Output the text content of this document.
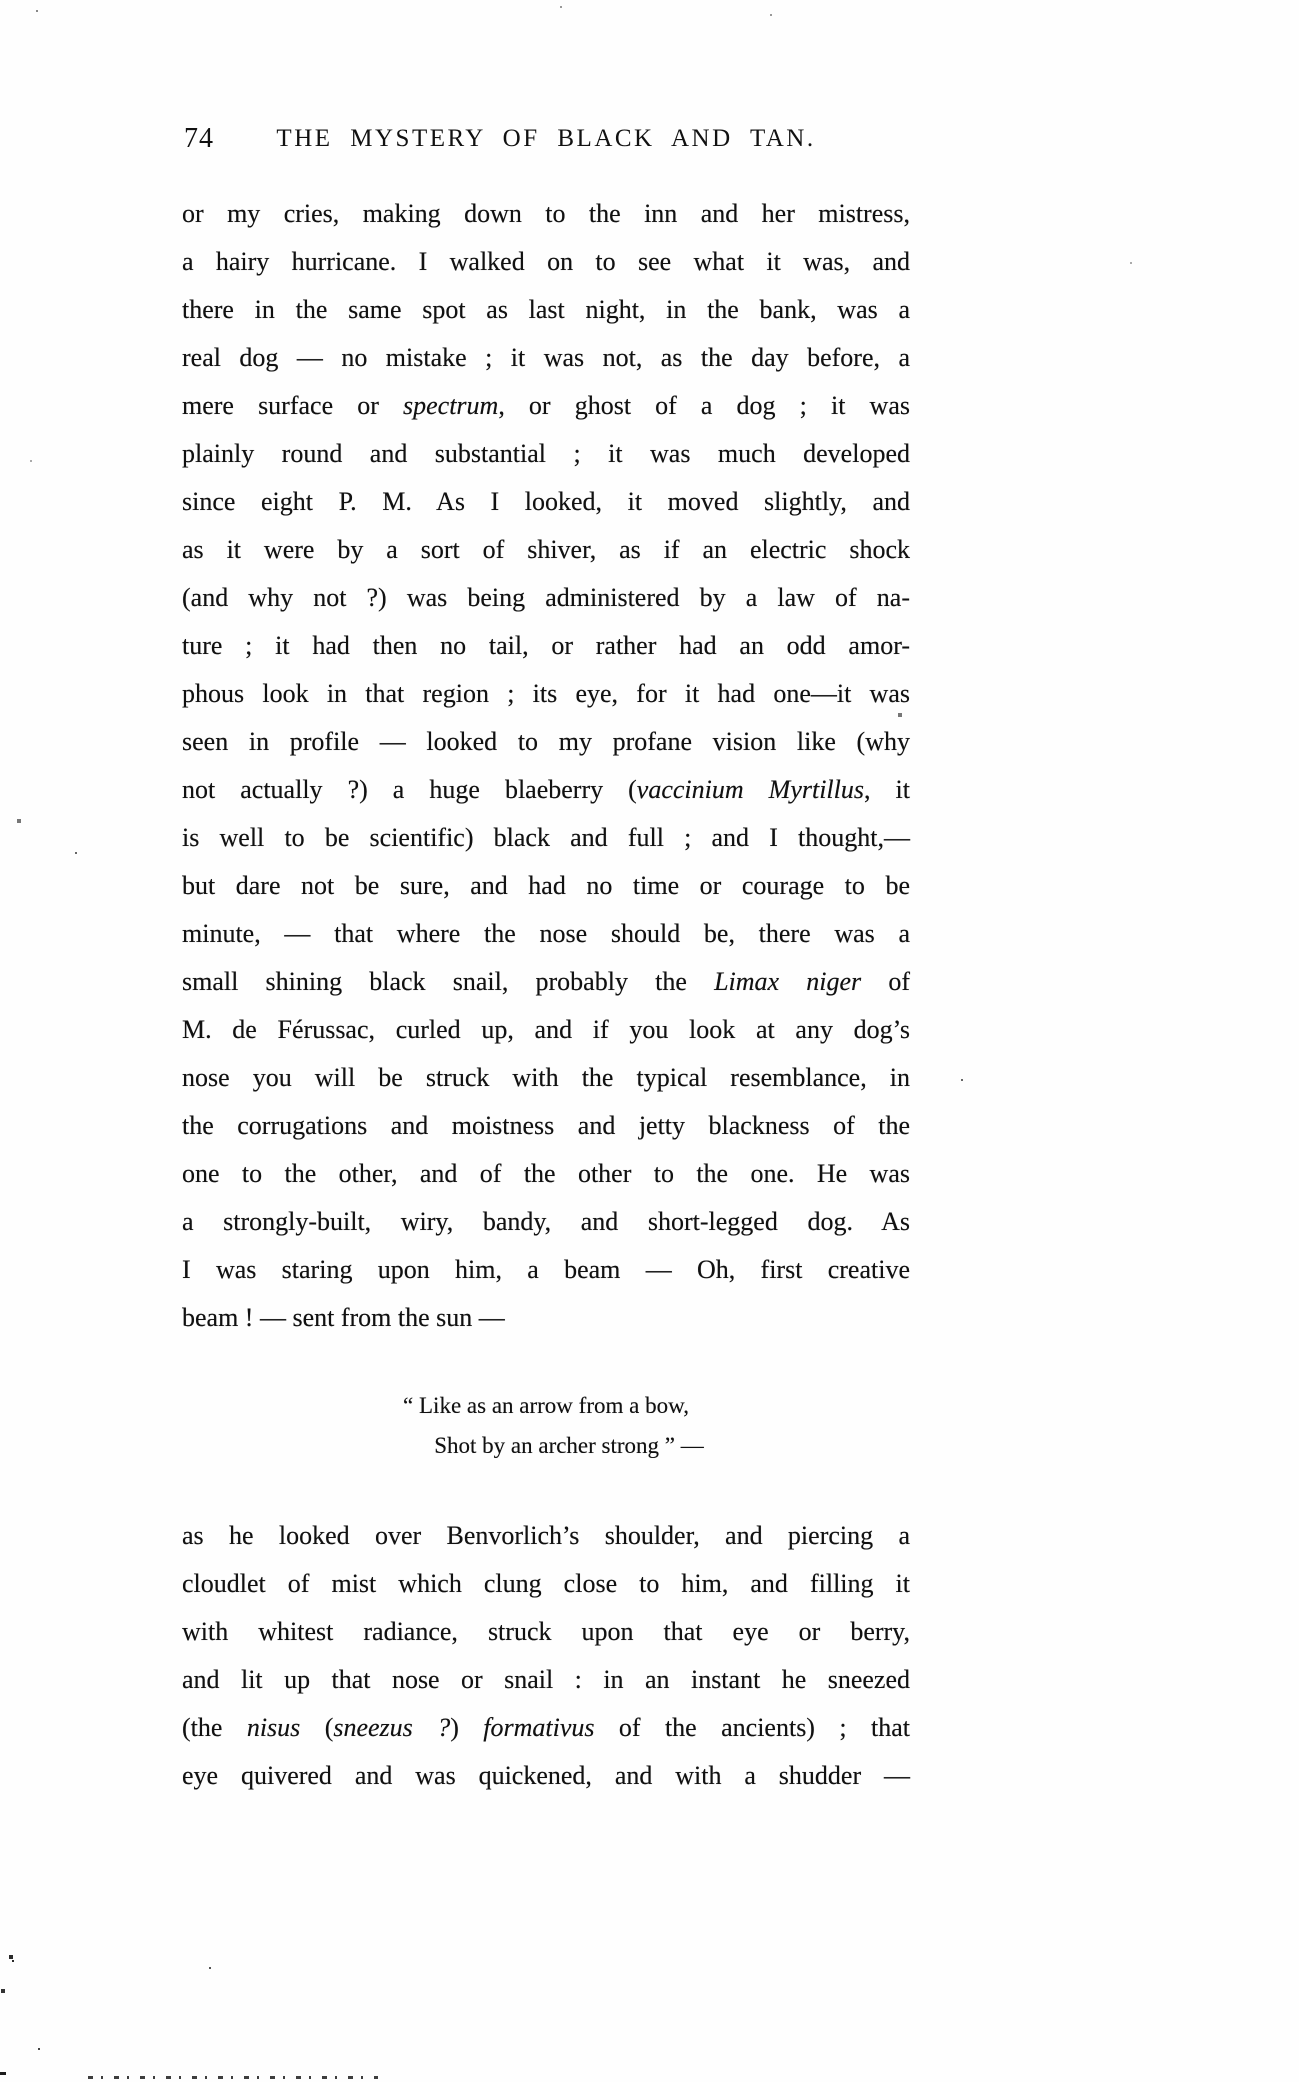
74	THE MYSTERY OF BLACK AND TAN.
or my cries, making down to the inn and her mistress,
a hairy hurricane. I walked on to see what it was, and
there in the same spot as last night, in the bank, was a
real dog — no mistake ; it was not, as the day before, a
mere surface or spectrum, or ghost of a dog ; it was
plainly round and substantial ; it was much developed
since eight P. M. As I looked, it moved slightly, and
as it were by a sort of shiver, as if an electric shock
(and why not ?) was being administered by a law of na-
ture ; it had then no tail, or rather had an odd amor-
phous look in that region ; its eye, for it had one—it was
seen in profile — looked to my profane vision like (why
not actually ?) a huge blaeberry (vaccinium Myrtillus, it
is well to be scientific) black and full ; and I thought,—
but dare not be sure, and had no time or courage to be
minute, — that where the nose should be, there was a
small shining black snail, probably the Limax niger of
M. de Férussac, curled up, and if you look at any dog’s
nose you will be struck with the typical resemblance, in
the corrugations and moistness and jetty blackness of the
one to the other, and of the other to the one. He was
a strongly-built, wiry, bandy, and short-legged dog. As
I was staring upon him, a beam — Oh, first creative
beam ! — sent from the sun —
“ Like as an arrow from a bow,
Shot by an archer strong ” —
as he looked over Benvorlich’s shoulder, and piercing a
cloudlet of mist which clung close to him, and filling it
with whitest radiance, struck upon that eye or berry,
and lit up that nose or snail : in an instant he sneezed
(the nisus (sneezus ?) formativus of the ancients) ; that
eye quivered and was quickened, and with a shudder —
